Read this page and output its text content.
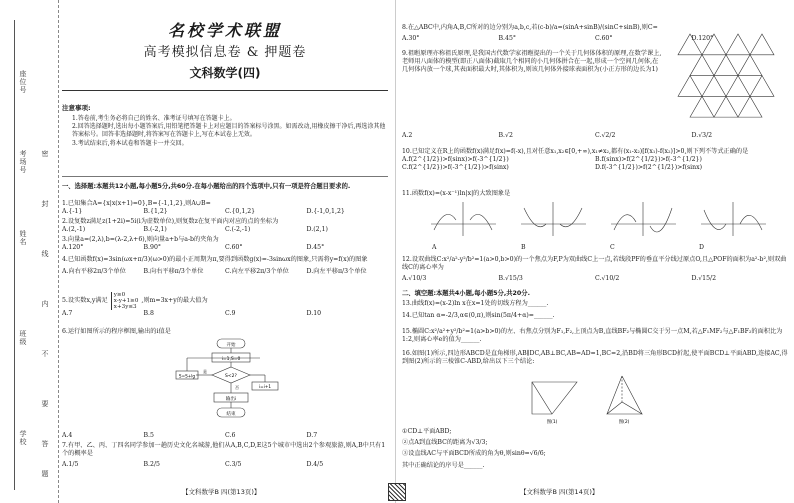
座位号
考场号
姓名
班级
学校
密
封
线
内
不
要
答
题
名校学术联盟
高考模拟信息卷 & 押题卷
文科数学(四)
注意事项:

1.答卷前,考生务必将自己的姓名、准考证号填写在答题卡上。

2.回答选择题时,选出每小题答案后,用铅笔把答题卡上对应题目的答案标号涂黑。如需改动,用橡皮擦干净后,再选涂其他答案标号。回答非选择题时,将答案写在答题卡上,写在本试卷上无效。

3.考试结束后,将本试卷和答题卡一并交回。

一、选择题:本题共12小题,每小题5分,共60分.在每小题给出的四个选项中,只有一项是符合题目要求的.

1.已知集合A={x|x(x+1)=0},B={-1,1,2},则A∪B=

A.{-1}	B.{1,2}	C.{0,1,2}	D.{-1,0,1,2}

2.设复数z满足z(1+2i)=5i(i为虚数单位),则复数z在复平面内对应的点的坐标为

A.(2,-1)	B.(-2,1)	C.(-2,-1)	D.(2,1)

3.向量a=(2,λ),b=(λ-2,λ+6),则向量a+b与a-b的夹角为

A.120°	B.90°	C.60°	D.45°

4.已知函数f(x)=3sin(ωx+π/3)(ω>0)的最小正周期为π,要得到函数g(x)=-3sinωx的图象,只需将y=f(x)的图象

A.向右平移2π/3个单位	B.向右平移π/3个单位	C.向左平移2π/3个单位	D.向左平移π/3个单位
5.设实数x,y满足
y≥0
x-y+1≥0
x+3y≤3
,则m=3x+y的最大值为
A.7	B.8	C.9	D.10

6.运行如图所示的程序框图,输出的i值是

开始
i=1,S=0
S<2?
S=S+lg
i=i+1
输出i
结束
是
否
A.4	B.5	C.6	D.7

7.有甲、乙、丙、丁四名同学参加一趟历史文化名城游,他们从A,B,C,D,E这5个城市中选出2个参观旅游,则A,B中只有1个的概率是

A.1/5	B.2/5	C.3/5	D.4/5
【文科数学B 四(第13页)】

8.在△ABC中,内角A,B,C所对的边分别为a,b,c,若(c-b)/a=(sinA+sinB)/(sinC+sinB),则C=

A.30°	B.45°	C.60°	D.120°

9.祖暅原理亦称祖氏原理,是我国古代数学家祖暅提出的一个关于几何体体积的原理,在数学课上,老师用八面体的模型(即正八面体)截取几个相同的小几何体拼合在一起,形成一个空间几何体,在几何体内放一个球,其表面积最大时,其体积为,则该几何体外接球表面积为(小正方形的边长为1)

A.2	B.√2	C.√2/2	D.√3/2

10.已知定义在R上的函数f(x)满足f(x)=f(-x),且对任意x₁,x₂∈[0,+∞),x₁≠x₂,都有(x₁-x₂)[f(x₁)-f(x₂)]>0,则下列不等式正确的是

A.f(2^{1/2})>f(sinx)>f(-3^{1/2})	B.f(sinx)>f(2^{1/2})>f(-3^{1/2})
C.f(2^{1/2})>f(-3^{1/2})>f(sinx)	D.f(-3^{1/2})>f(2^{1/2})>f(sinx)

11.函数f(x)=(x-x⁻¹)ln|x|的大致图象是

A	B	C	D

12.设双曲线C:x²/a²-y²/b²=1(a>0,b>0)的一个焦点为F,P为双曲线C上一点,若线段PF的垂直平分线过原点O,且△POF的面积为a²-b²,则双曲线C的离心率为

A.√10/3	B.√15/3	C.√10/2	D.√15/2

二、填空题:本题共4小题,每小题5分,共20分.

13.曲线f(x)=(x-2)ln x在x=1处的切线方程为______.

14.已知tan α=-2/3,α∈(0,π),则sin(5π/4+α)=______.

15.椭圆C:x²/a²+y²/b²=1(a>b>0)的左、右焦点分别为F₁,F₂,上顶点为B,直线BF₂与椭圆C交于另一点M,若△F₁MF₂与△F₁BF₂的面积比为1:2,则离心率e的值为______.

16.如图(1)所示,四边形ABCD是直角梯形,AB∥DC,AB⊥BC,AB=AD=1,BC=2,沿BD将三角形BCD折起,使平面BCD⊥平面ABD,连接AC,得到图(2)所示的三棱锥C-ABD,给出以下三个结论:

图(1)	图(2)

①CD⊥平面ABD;

②点A到直线BC的距离为√3/3;

③设直线AC与平面BCD所成的角为θ,则sinθ=√6/6;

其中正确结论的序号是______.

【文科数学B 四(第14页)】
